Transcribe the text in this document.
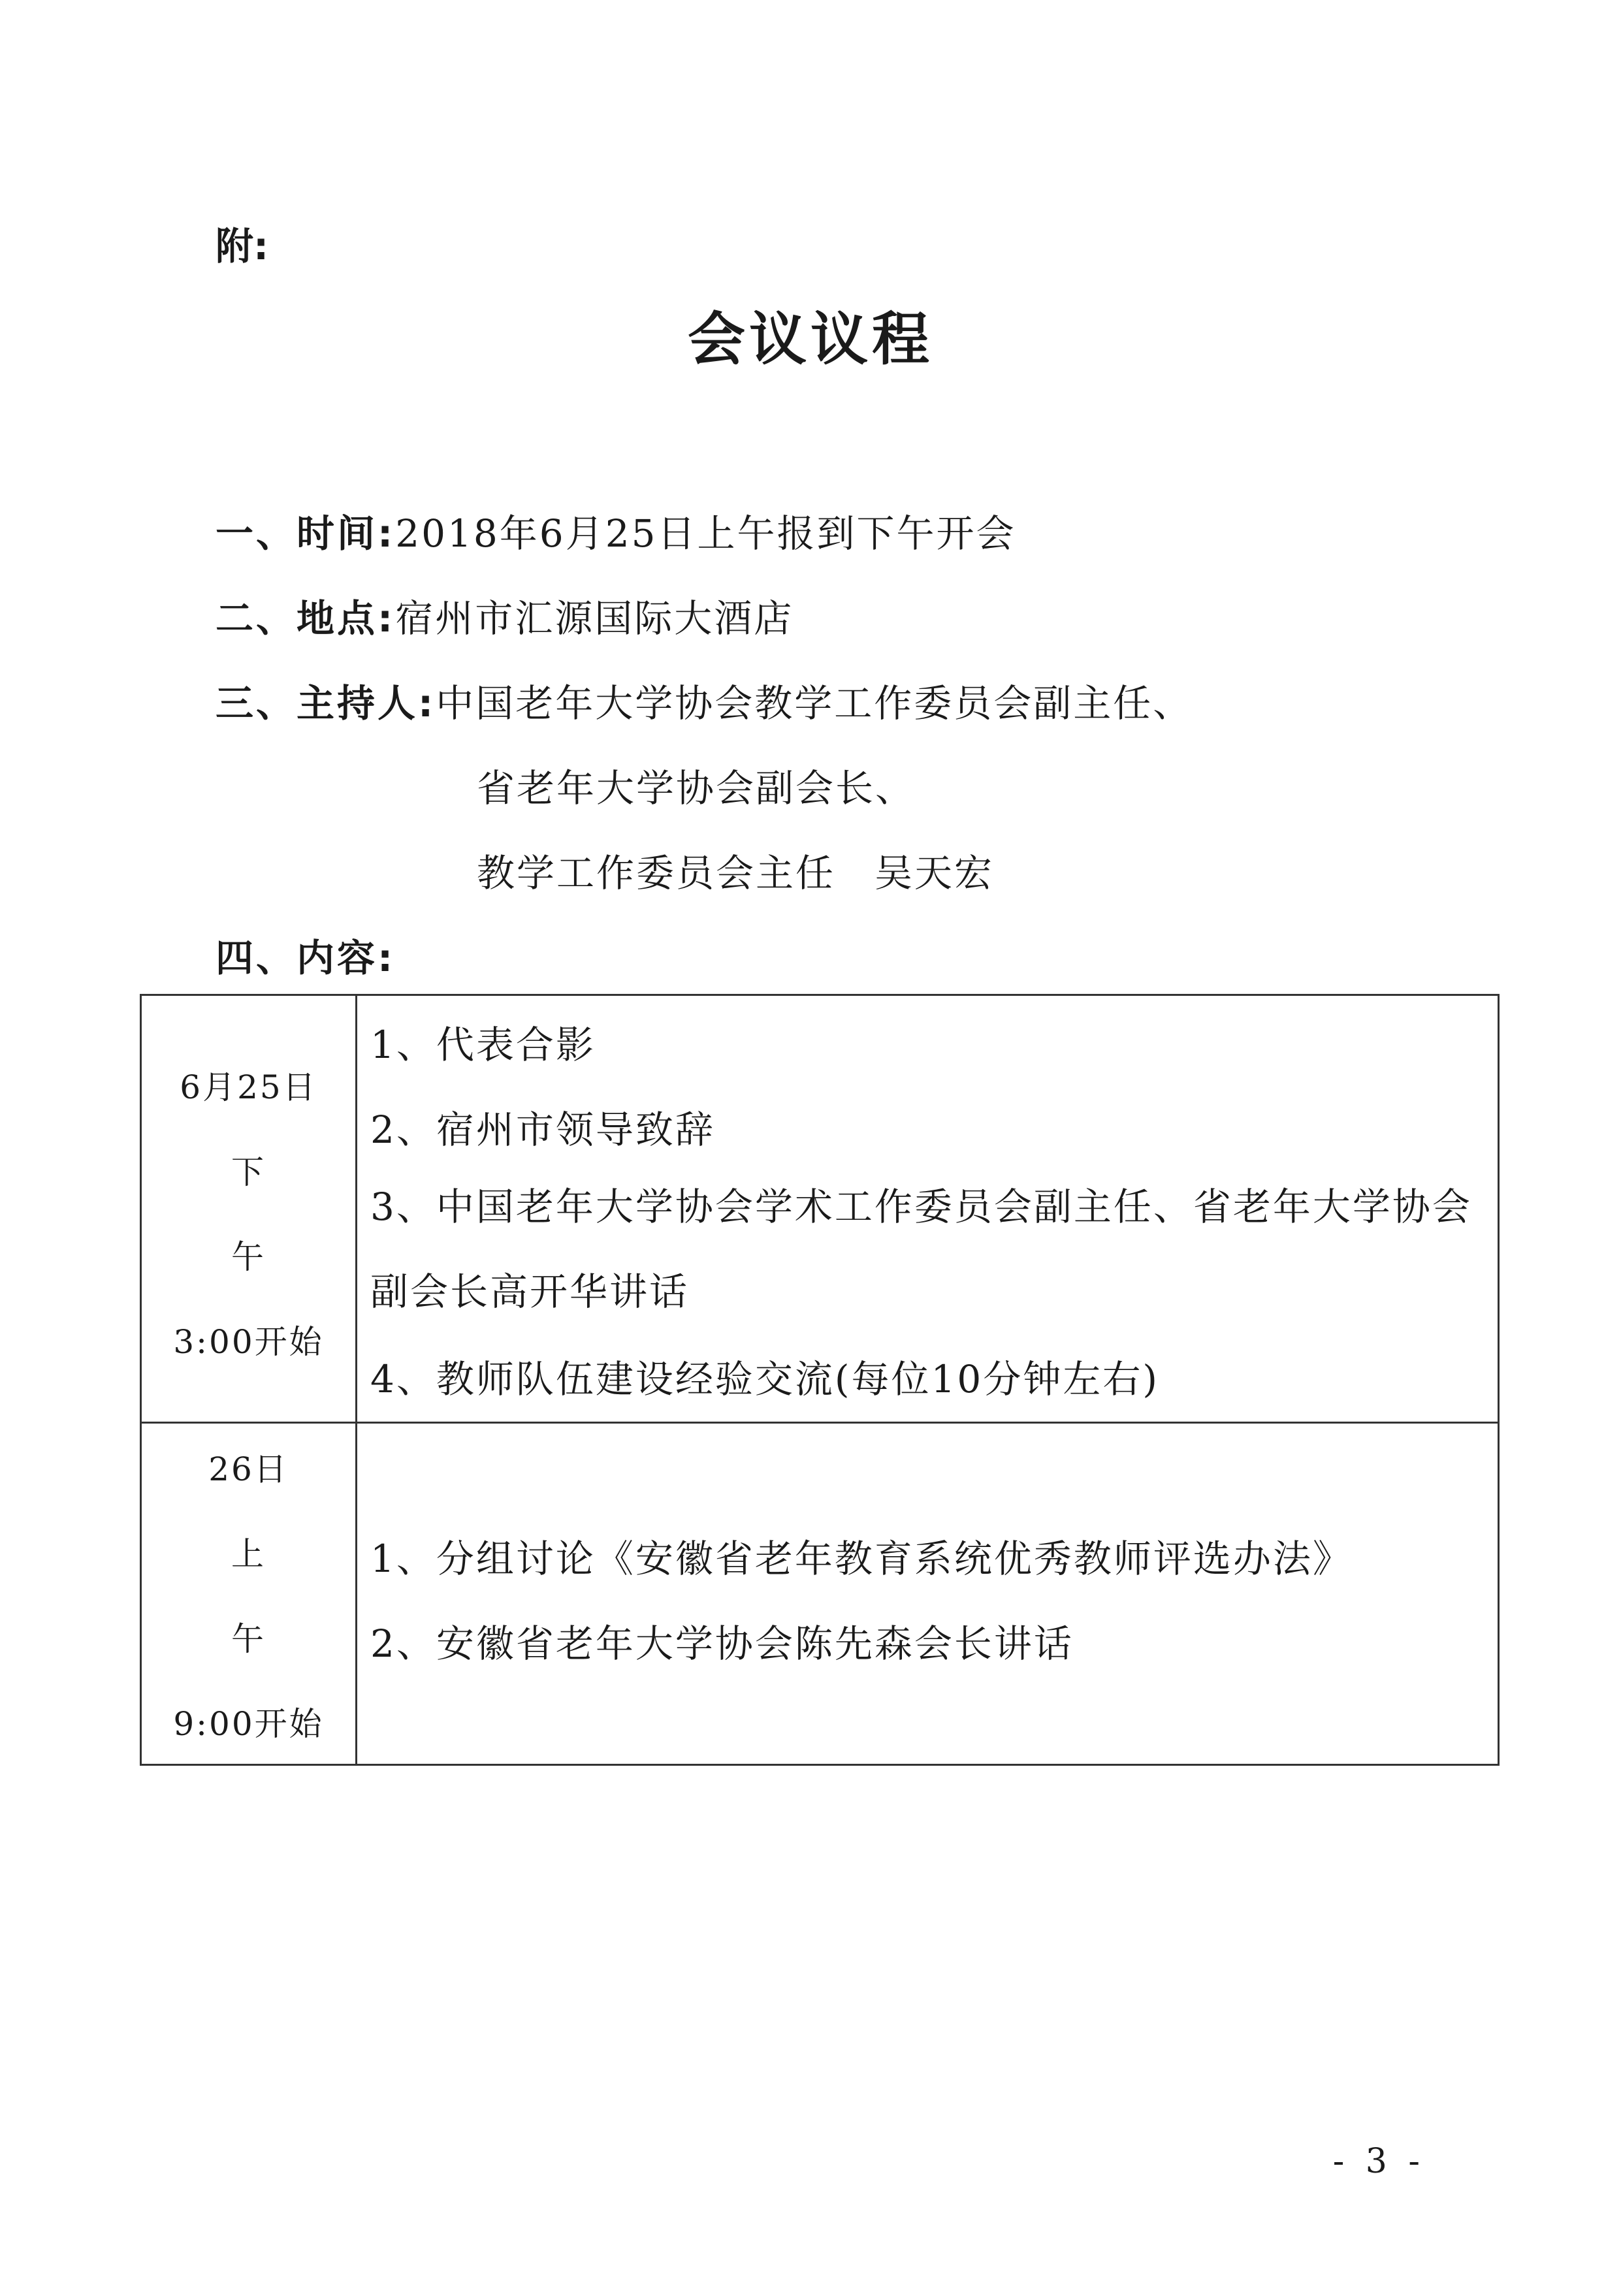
附:
会议议程
一、时间:2018年6月25日上午报到下午开会
二、地点:宿州市汇源国际大酒店
三、主持人:中国老年大学协会教学工作委员会副主任、
省老年大学协会副会长、
教学工作委员会主任 吴天宏
四、内容:
6月25日
下
午
3:00开始
1、代表合影
2、宿州市领导致辞
3、中国老年大学协会学术工作委员会副主任、省老年大学协会副会长高开华讲话
4、教师队伍建设经验交流(每位10分钟左右)
26日
上
午
9:00开始
1、分组讨论《安徽省老年教育系统优秀教师评选办法》
2、安徽省老年大学协会陈先森会长讲话
- 3 -
